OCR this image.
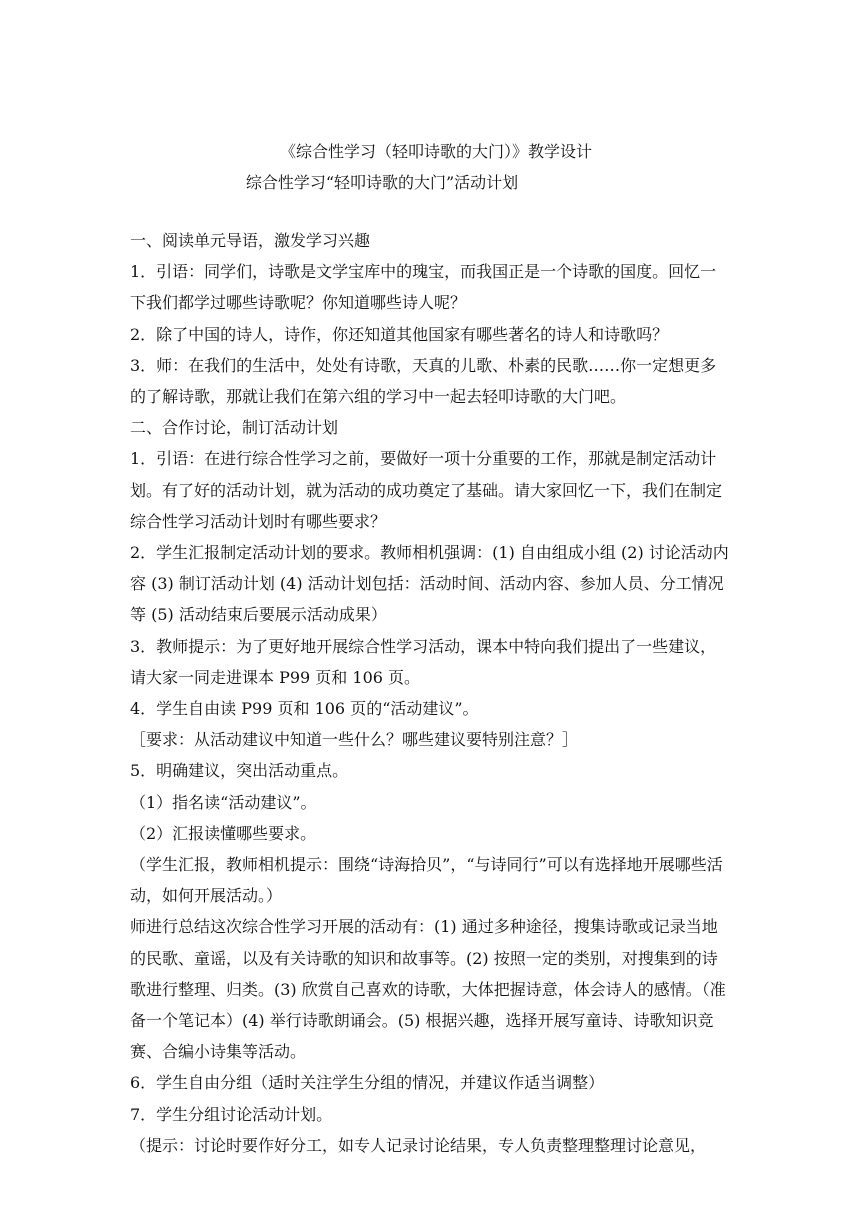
《综合性学习（轻叩诗歌的大门）》教学设计
综合性学习“轻叩诗歌的大门”活动计划

一、阅读单元导语，激发学习兴趣

1．引语：同学们，诗歌是文学宝库中的瑰宝，而我国正是一个诗歌的国度。回忆一下我们都学过哪些诗歌呢？你知道哪些诗人呢？

2．除了中国的诗人，诗作，你还知道其他国家有哪些著名的诗人和诗歌吗？

3．师：在我们的生活中，处处有诗歌，天真的儿歌、朴素的民歌……你一定想更多的了解诗歌，那就让我们在第六组的学习中一起去轻叩诗歌的大门吧。

二、合作讨论，制订活动计划

1．引语：在进行综合性学习之前，要做好一项十分重要的工作，那就是制定活动计划。有了好的活动计划，就为活动的成功奠定了基础。请大家回忆一下，我们在制定综合性学习活动计划时有哪些要求？

2．学生汇报制定活动计划的要求。教师相机强调：(1) 自由组成小组 (2) 讨论活动内容 (3) 制订活动计划 (4) 活动计划包括：活动时间、活动内容、参加人员、分工情况等 (5) 活动结束后要展示活动成果）

3．教师提示：为了更好地开展综合性学习活动，课本中特向我们提出了一些建议，请大家一同走进课本 P99 页和 106 页。

4．学生自由读 P99 页和 106 页的“活动建议”。

［要求：从活动建议中知道一些什么？哪些建议要特别注意？］

5．明确建议，突出活动重点。

（1）指名读“活动建议”。

（2）汇报读懂哪些要求。

（学生汇报，教师相机提示：围绕“诗海拾贝”，“与诗同行”可以有选择地开展哪些活动，如何开展活动。）

师进行总结这次综合性学习开展的活动有：(1) 通过多种途径，搜集诗歌或记录当地的民歌、童谣，以及有关诗歌的知识和故事等。(2) 按照一定的类别，对搜集到的诗歌进行整理、归类。(3) 欣赏自己喜欢的诗歌，大体把握诗意，体会诗人的感情。（准备一个笔记本）(4) 举行诗歌朗诵会。(5) 根据兴趣，选择开展写童诗、诗歌知识竞赛、合编小诗集等活动。

6．学生自由分组（适时关注学生分组的情况，并建议作适当调整）

7．学生分组讨论活动计划。

（提示：讨论时要作好分工，如专人记录讨论结果，专人负责整理整理讨论意见，
